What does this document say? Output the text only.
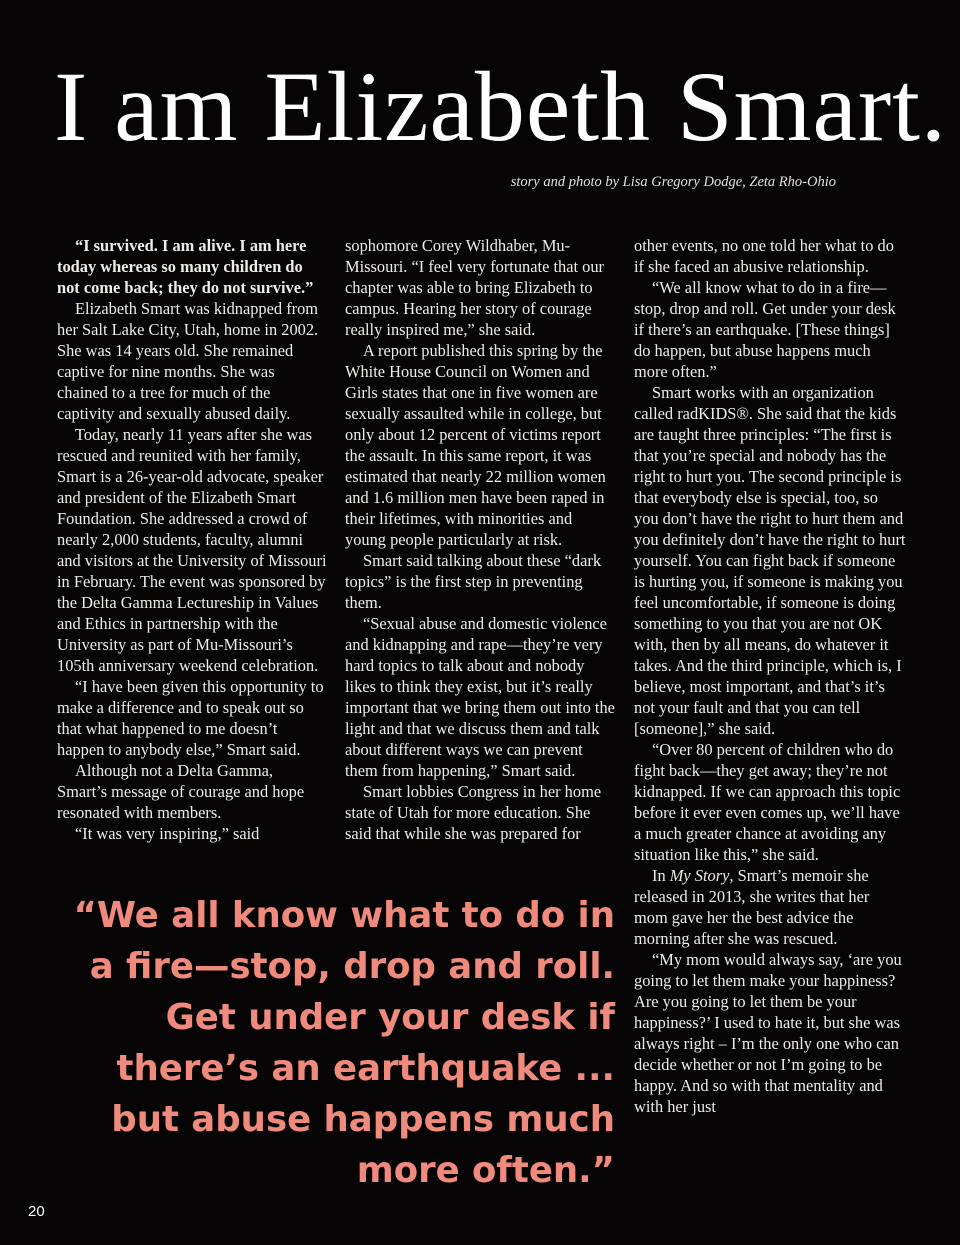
I am Elizabeth Smart.
story and photo by Lisa Gregory Dodge, Zeta Rho-Ohio

“I survived. I am alive. I am here today whereas so many children do not come back; they do not survive.”

Elizabeth Smart was kidnapped from her Salt Lake City, Utah, home in 2002. She was 14 years old. She remained captive for nine months. She was chained to a tree for much of the captivity and sexually abused daily.

Today, nearly 11 years after she was rescued and reunited with her family, Smart is a 26-year-old advocate, speaker and president of the Elizabeth Smart Foundation. She addressed a crowd of nearly 2,000 students, faculty, alumni and visitors at the University of Missouri in February. The event was sponsored by the Delta Gamma Lectureship in Values and Ethics in partnership with the University as part of Mu-Missouri’s 105th anniversary weekend celebration.

“I have been given this opportunity to make a difference and to speak out so that what happened to me doesn’t happen to anybody else,” Smart said.

Although not a Delta Gamma, Smart’s message of courage and hope resonated with members.

“It was very inspiring,” said

sophomore Corey Wildhaber, Mu-Missouri. “I feel very fortunate that our chapter was able to bring Elizabeth to campus. Hearing her story of courage really inspired me,” she said.

A report published this spring by the White House Council on Women and Girls states that one in five women are sexually assaulted while in college, but only about 12 percent of victims report the assault. In this same report, it was estimated that nearly 22 million women and 1.6 million men have been raped in their lifetimes, with minorities and young people particularly at risk.

Smart said talking about these “dark topics” is the first step in preventing them.

“Sexual abuse and domestic violence and kidnapping and rape—they’re very hard topics to talk about and nobody likes to think they exist, but it’s really important that we bring them out into the light and that we discuss them and talk about different ways we can prevent them from happening,” Smart said.

Smart lobbies Congress in her home state of Utah for more education. She said that while she was prepared for

other events, no one told her what to do if she faced an abusive relationship.

“We all know what to do in a fire—stop, drop and roll. Get under your desk if there’s an earthquake. [These things] do happen, but abuse happens much more often.”

Smart works with an organization called radKIDS®. She said that the kids are taught three principles: “The first is that you’re special and nobody has the right to hurt you. The second principle is that everybody else is special, too, so you don’t have the right to hurt them and you definitely don’t have the right to hurt yourself. You can fight back if someone is hurting you, if someone is making you feel uncomfortable, if someone is doing something to you that you are not OK with, then by all means, do whatever it takes. And the third principle, which is, I believe, most important, and that’s it’s not your fault and that you can tell [someone],” she said.

“Over 80 percent of children who do fight back—they get away; they’re not kidnapped. If we can approach this topic before it ever even comes up, we’ll have a much greater chance at avoiding any situation like this,” she said.

In My Story, Smart’s memoir she released in 2013, she writes that her mom gave her the best advice the morning after she was rescued.

“My mom would always say, ‘are you going to let them make your happiness? Are you going to let them be your happiness?’ I used to hate it, but she was always right – I’m the only one who can decide whether or not I’m going to be happy. And so with that mentality and with her just

“We all know what to do in a fire—stop, drop and roll. Get under your desk if there’s an earthquake ... but abuse happens much more often.”

20
